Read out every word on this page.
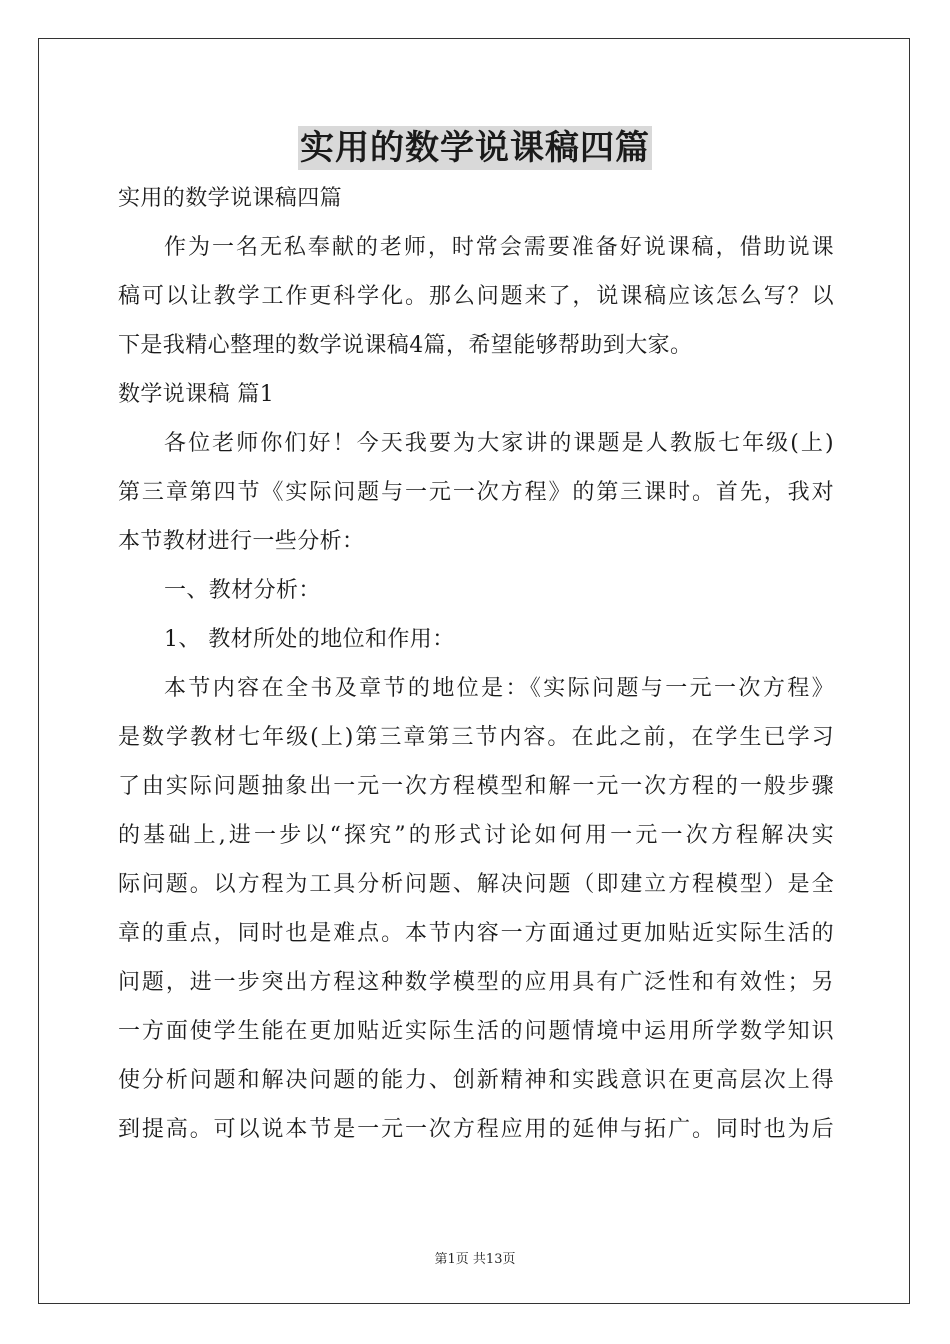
实用的数学说课稿四篇
实用的数学说课稿四篇
作为一名无私奉献的老师，时常会需要准备好说课稿，借助说课
稿可以让教学工作更科学化。那么问题来了，说课稿应该怎么写？以
下是我精心整理的数学说课稿4篇，希望能够帮助到大家。
数学说课稿 篇1
各位老师你们好！今天我要为大家讲的课题是人教版七年级(上)
第三章第四节《实际问题与一元一次方程》的第三课时。首先，我对
本节教材进行一些分析：
一、教材分析：
1、 教材所处的地位和作用：
本节内容在全书及章节的地位是：《实际问题与一元一次方程》
是数学教材七年级(上)第三章第三节内容。在此之前，在学生已学习
了由实际问题抽象出一元一次方程模型和解一元一次方程的一般步骤
的基础上,进一步以“探究”的形式讨论如何用一元一次方程解决实
际问题。以方程为工具分析问题、解决问题（即建立方程模型）是全
章的重点，同时也是难点。本节内容一方面通过更加贴近实际生活的
问题，进一步突出方程这种数学模型的应用具有广泛性和有效性；另
一方面使学生能在更加贴近实际生活的问题情境中运用所学数学知识
使分析问题和解决问题的能力、创新精神和实践意识在更高层次上得
到提高。可以说本节是一元一次方程应用的延伸与拓广。同时也为后
第1页 共13页
